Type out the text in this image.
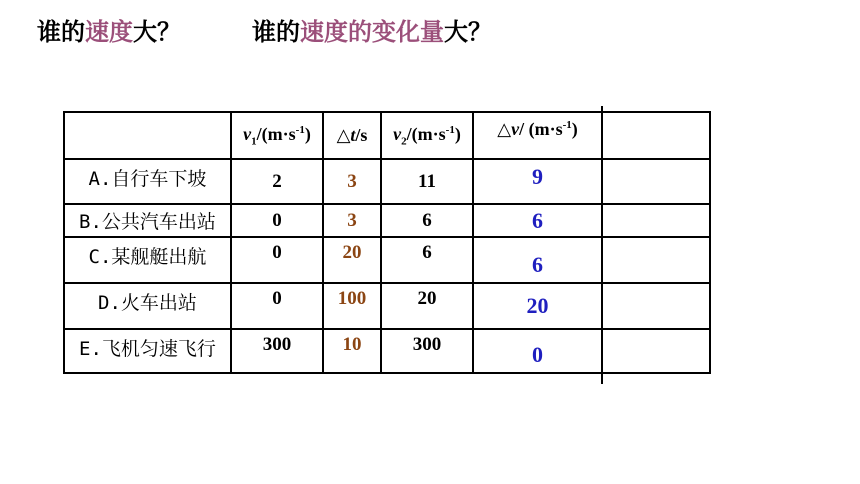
谁的速度大？	谁的速度的变化量大？
	$v_1/(m\cdot s^{-1})$	△t/s	$v_2/(m\cdot s^{-1})$	△v/ $(m\cdot s^{-1})$	
A.自行车下坡	2	3	11	9	
B.公共汽车出站	0	3	6	6	
C.某舰艇出航	0	20	6	6	
D.火车出站	0	100	20	20	
E.飞机匀速飞行	300	10	300	0	
